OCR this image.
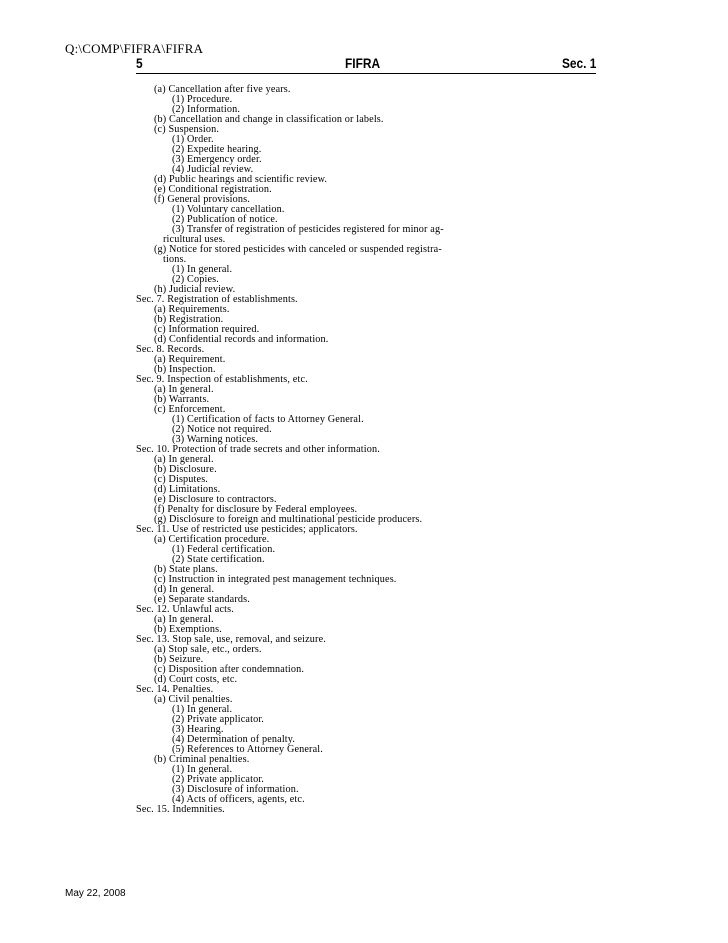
Q:\COMP\FIFRA\FIFRA
5	FIFRA	Sec. 1
(a) Cancellation after five years.
(1) Procedure.
(2) Information.
(b) Cancellation and change in classification or labels.
(c) Suspension.
(1) Order.
(2) Expedite hearing.
(3) Emergency order.
(4) Judicial review.
(d) Public hearings and scientific review.
(e) Conditional registration.
(f) General provisions.
(1) Voluntary cancellation.
(2) Publication of notice.
(3) Transfer of registration of pesticides registered for minor ag-
ricultural uses.
(g) Notice for stored pesticides with canceled or suspended registra-
tions.
(1) In general.
(2) Copies.
(h) Judicial review.
Sec. 7. Registration of establishments.
(a) Requirements.
(b) Registration.
(c) Information required.
(d) Confidential records and information.
Sec. 8. Records.
(a) Requirement.
(b) Inspection.
Sec. 9. Inspection of establishments, etc.
(a) In general.
(b) Warrants.
(c) Enforcement.
(1) Certification of facts to Attorney General.
(2) Notice not required.
(3) Warning notices.
Sec. 10. Protection of trade secrets and other information.
(a) In general.
(b) Disclosure.
(c) Disputes.
(d) Limitations.
(e) Disclosure to contractors.
(f) Penalty for disclosure by Federal employees.
(g) Disclosure to foreign and multinational pesticide producers.
Sec. 11. Use of restricted use pesticides; applicators.
(a) Certification procedure.
(1) Federal certification.
(2) State certification.
(b) State plans.
(c) Instruction in integrated pest management techniques.
(d) In general.
(e) Separate standards.
Sec. 12. Unlawful acts.
(a) In general.
(b) Exemptions.
Sec. 13. Stop sale, use, removal, and seizure.
(a) Stop sale, etc., orders.
(b) Seizure.
(c) Disposition after condemnation.
(d) Court costs, etc.
Sec. 14. Penalties.
(a) Civil penalties.
(1) In general.
(2) Private applicator.
(3) Hearing.
(4) Determination of penalty.
(5) References to Attorney General.
(b) Criminal penalties.
(1) In general.
(2) Private applicator.
(3) Disclosure of information.
(4) Acts of officers, agents, etc.
Sec. 15. Indemnities.
May 22, 2008
